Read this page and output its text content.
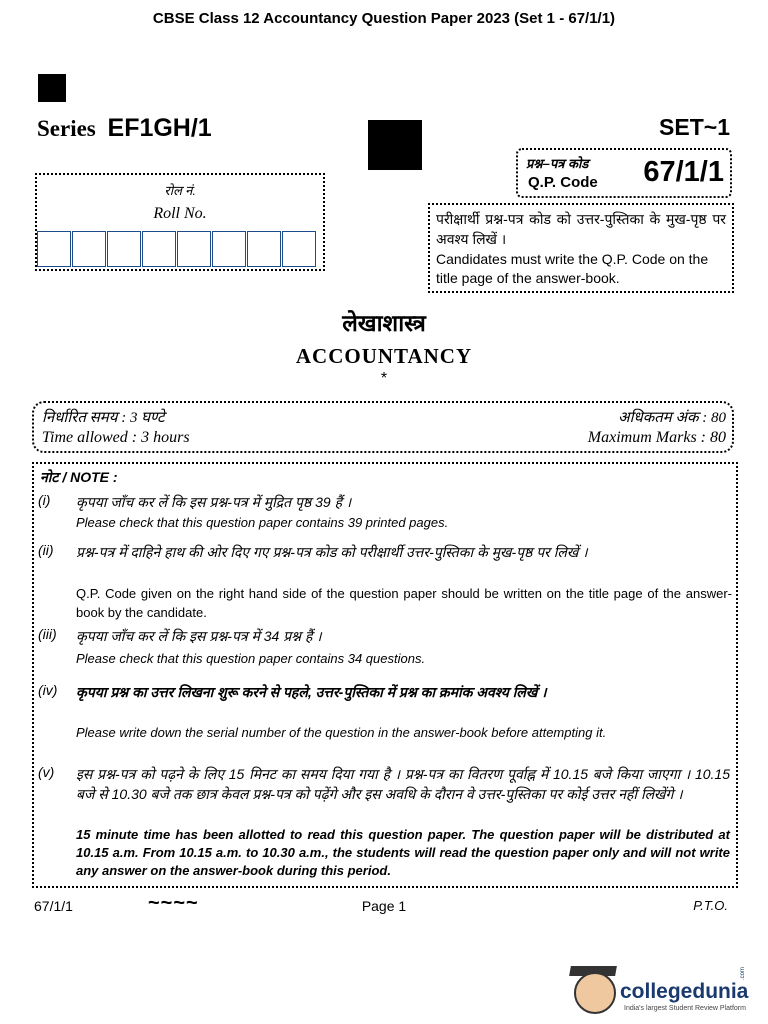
CBSE Class 12 Accountancy Question Paper 2023 (Set 1 - 67/1/1)
Series EF1GH/1	SET~1
प्रश्न–पत्र कोड
Q.P. Code 67/1/1
रोल नं.
Roll No.	परीक्षार्थी प्रश्न-पत्र कोड को उत्तर-पुस्तिका के मुख-पृष्ठ पर अवश्य लिखें ।
Candidates must write the Q.P. Code on the title page of the answer-book.
लेखाशास्त्र
ACCOUNTANCY
*
निर्धारित समय : 3 घण्टे
Time allowed : 3 hours
अधिकतम अंक : 80
Maximum Marks : 80
नोट / NOTE :
(i) कृपया जाँच कर लें कि इस प्रश्न-पत्र में मुद्रित पृष्ठ 39 हैं ।
Please check that this question paper contains 39 printed pages.
(ii) प्रश्न-पत्र में दाहिने हाथ की ओर दिए गए प्रश्न-पत्र कोड को परीक्षार्थी उत्तर-पुस्तिका के मुख-पृष्ठ पर लिखें ।
Q.P. Code given on the right hand side of the question paper should be written on the title page of the answer-book by the candidate.
(iii) कृपया जाँच कर लें कि इस प्रश्न-पत्र में 34 प्रश्न हैं ।
Please check that this question paper contains 34 questions.
(iv) कृपया प्रश्न का उत्तर लिखना शुरू करने से पहले, उत्तर-पुस्तिका में प्रश्न का क्रमांक अवश्य लिखें ।
Please write down the serial number of the question in the answer-book before attempting it.
(v) इस प्रश्न-पत्र को पढ़ने के लिए 15 मिनट का समय दिया गया है । प्रश्न-पत्र का वितरण पूर्वाह्न में 10.15 बजे किया जाएगा । 10.15 बजे से 10.30 बजे तक छात्र केवल प्रश्न-पत्र को पढ़ेंगे और इस अवधि के दौरान वे उत्तर-पुस्तिका पर कोई उत्तर नहीं लिखेंगे ।
15 minute time has been allotted to read this question paper. The question paper will be distributed at 10.15 a.m. From 10.15 a.m. to 10.30 a.m., the students will read the question paper only and will not write any answer on the answer-book during this period.
67/1/1	~~~~	Page 1	P.T.O.
collegedunia
India's largest Student Review Platform
.com
